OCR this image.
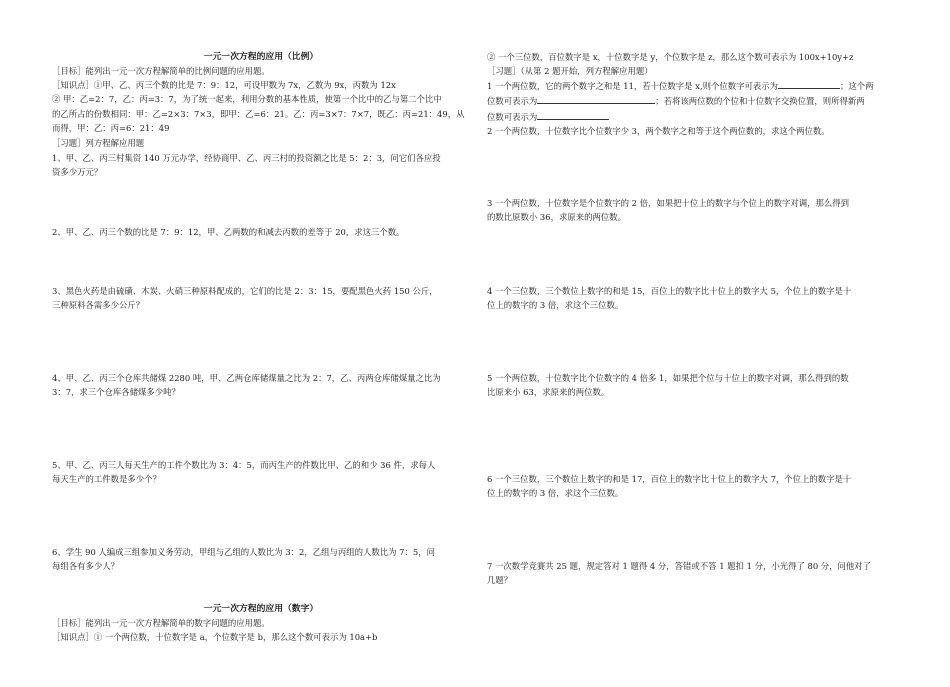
一元一次方程的应用（比例）
［目标］能列出一元一次方程解简单的比例问题的应用题。
［知识点］①甲、乙、丙三个数的比是 7：9：12，可设甲数为 7x，乙数为 9x，丙数为 12x
② 甲：乙=2：7，乙：丙=3：7，为了统一起来，利用分数的基本性质，使第一个比中的乙与第二个比中
的乙所占的份数相同：甲：乙=2×3：7×3，即甲：乙=6：21。乙：丙=3×7：7×7，既乙：丙=21：49，从
而得，甲：乙：丙=6：21：49
［习题］列方程解应用题
1、甲、乙、丙三村集资 140 万元办学，经协商甲、乙、丙三村的投资额之比是 5：2：3，问它们各应投
资多少万元？
2、甲、乙、丙三个数的比是 7：9：12，甲、乙两数的和减去丙数的差等于 20，求这三个数。
3、黑色火药是由硫磺、木炭、火硝三种原料配成的，它们的比是 2：3：15，要配黑色火药 150 公斤，
三种原料各需多少公斤？
4、甲、乙、丙三个仓库共储煤 2280 吨，甲、乙两仓库储煤量之比为 2：7，乙、丙两仓库储煤量之比为
3：7，求三个仓库各储煤多少吨？
5、甲、乙、丙三人每天生产的工件个数比为 3：4：5，而丙生产的件数比甲、乙的和少 36 件，求每人
每天生产的工件数是多少个？
6、学生 90 人编成三组参加义务劳动，甲组与乙组的人数比为 3：2，乙组与丙组的人数比为 7：5，问
每组各有多少人？
一元一次方程的应用（数字）
［目标］能列出一元一次方程解简单的数字问题的应用题。
［知识点］① 一个两位数，十位数字是 a，个位数字是 b，那么这个数可表示为 10a+b
② 一个三位数，百位数字是 x，十位数字是 y，个位数字是 z，那么这个数可表示为 100x+10y+z
［习题］（从第 2 题开始，列方程解应用题）
1 一个两位数，它的两个数字之和是 11，若十位数字是 x,则个位数字可表示为	；这个两
位数可表示为	；若将该两位数的个位和十位数字交换位置，则所得新两
位数可表示为
2 一个两位数，十位数字比个位数字少 3，两个数字之和等于这个两位数的，求这个两位数。
3 一个两位数，十位数字是个位数字的 2 倍，如果把十位上的数字与个位上的数字对调，那么得到
的数比原数小 36，求原来的两位数。
4 一个三位数，三个数位上数字的和是 15，百位上的数字比十位上的数字大 5，个位上的数字是十
位上的数字的 3 倍，求这个三位数。
5 一个两位数，十位数字比个位数字的 4 倍多 1，如果把个位与十位上的数字对调，那么得到的数
比原来小 63，求原来的两位数。
6 一个三位数，三个数位上数字的和是 17，百位上的数字比十位上的数字大 7，个位上的数字是十
位上的数字的 3 倍，求这个三位数。
7 一次数学竞赛共 25 题，规定答对 1 题得 4 分，答错或不答 1 题扣 1 分，小光得了 80 分，问他对了
几题？
